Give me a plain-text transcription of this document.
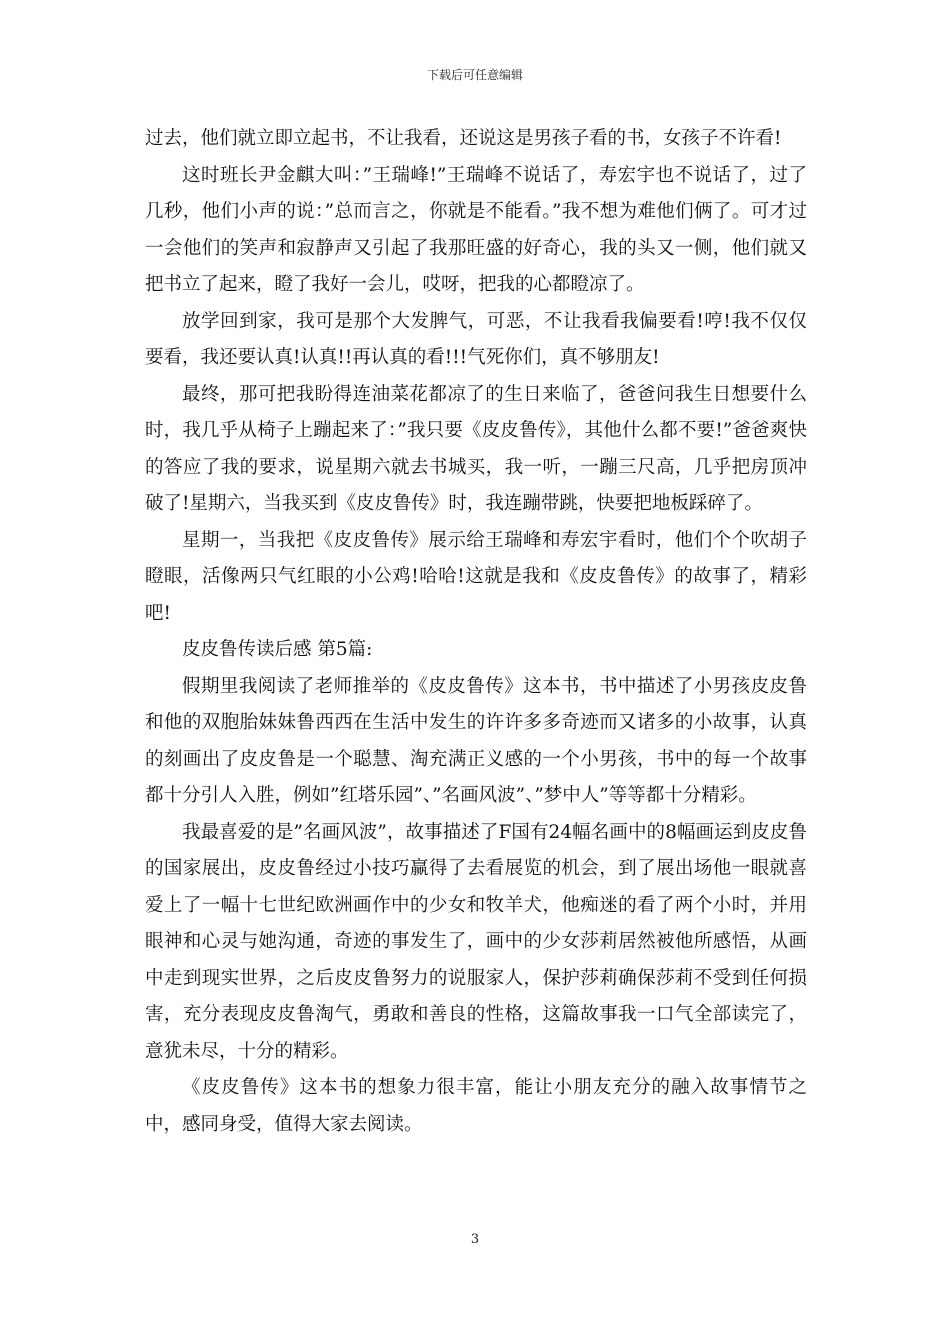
下载后可任意编辑

过去，他们就立即立起书，不让我看，还说这是男孩子看的书，女孩子不许看!

这时班长尹金麒大叫：”王瑞峰!”王瑞峰不说话了，寿宏宇也不说话了，过了几秒，他们小声的说：”总而言之，你就是不能看。”我不想为难他们俩了。可才过一会他们的笑声和寂静声又引起了我那旺盛的好奇心，我的头又一侧，他们就又把书立了起来，瞪了我好一会儿，哎呀，把我的心都瞪凉了。

放学回到家，我可是那个大发脾气，可恶，不让我看我偏要看!哼!我不仅仅要看，我还要认真!认真!!再认真的看!!!气死你们，真不够朋友!

最终，那可把我盼得连油菜花都凉了的生日来临了，爸爸问我生日想要什么时，我几乎从椅子上蹦起来了：”我只要《皮皮鲁传》，其他什么都不要!”爸爸爽快的答应了我的要求，说星期六就去书城买，我一听，一蹦三尺高，几乎把房顶冲破了!星期六，当我买到《皮皮鲁传》时，我连蹦带跳，快要把地板踩碎了。

星期一，当我把《皮皮鲁传》展示给王瑞峰和寿宏宇看时，他们个个吹胡子瞪眼，活像两只气红眼的小公鸡!哈哈!这就是我和《皮皮鲁传》的故事了，精彩吧!

皮皮鲁传读后感 第5篇:

假期里我阅读了老师推举的《皮皮鲁传》这本书，书中描述了小男孩皮皮鲁和他的双胞胎妹妹鲁西西在生活中发生的许许多多奇迹而又诸多的小故事，认真的刻画出了皮皮鲁是一个聪慧、淘充满正义感的一个小男孩，书中的每一个故事都十分引人入胜，例如”红塔乐园”、”名画风波”、”梦中人”等等都十分精彩。

我最喜爱的是”名画风波”，故事描述了F国有24幅名画中的8幅画运到皮皮鲁的国家展出，皮皮鲁经过小技巧赢得了去看展览的机会，到了展出场他一眼就喜爱上了一幅十七世纪欧洲画作中的少女和牧羊犬，他痴迷的看了两个小时，并用眼神和心灵与她沟通，奇迹的事发生了，画中的少女莎莉居然被他所感悟，从画中走到现实世界，之后皮皮鲁努力的说服家人，保护莎莉确保莎莉不受到任何损害，充分表现皮皮鲁淘气，勇敢和善良的性格，这篇故事我一口气全部读完了，意犹未尽，十分的精彩。

《皮皮鲁传》这本书的想象力很丰富，能让小朋友充分的融入故事情节之中，感同身受，值得大家去阅读。

3
